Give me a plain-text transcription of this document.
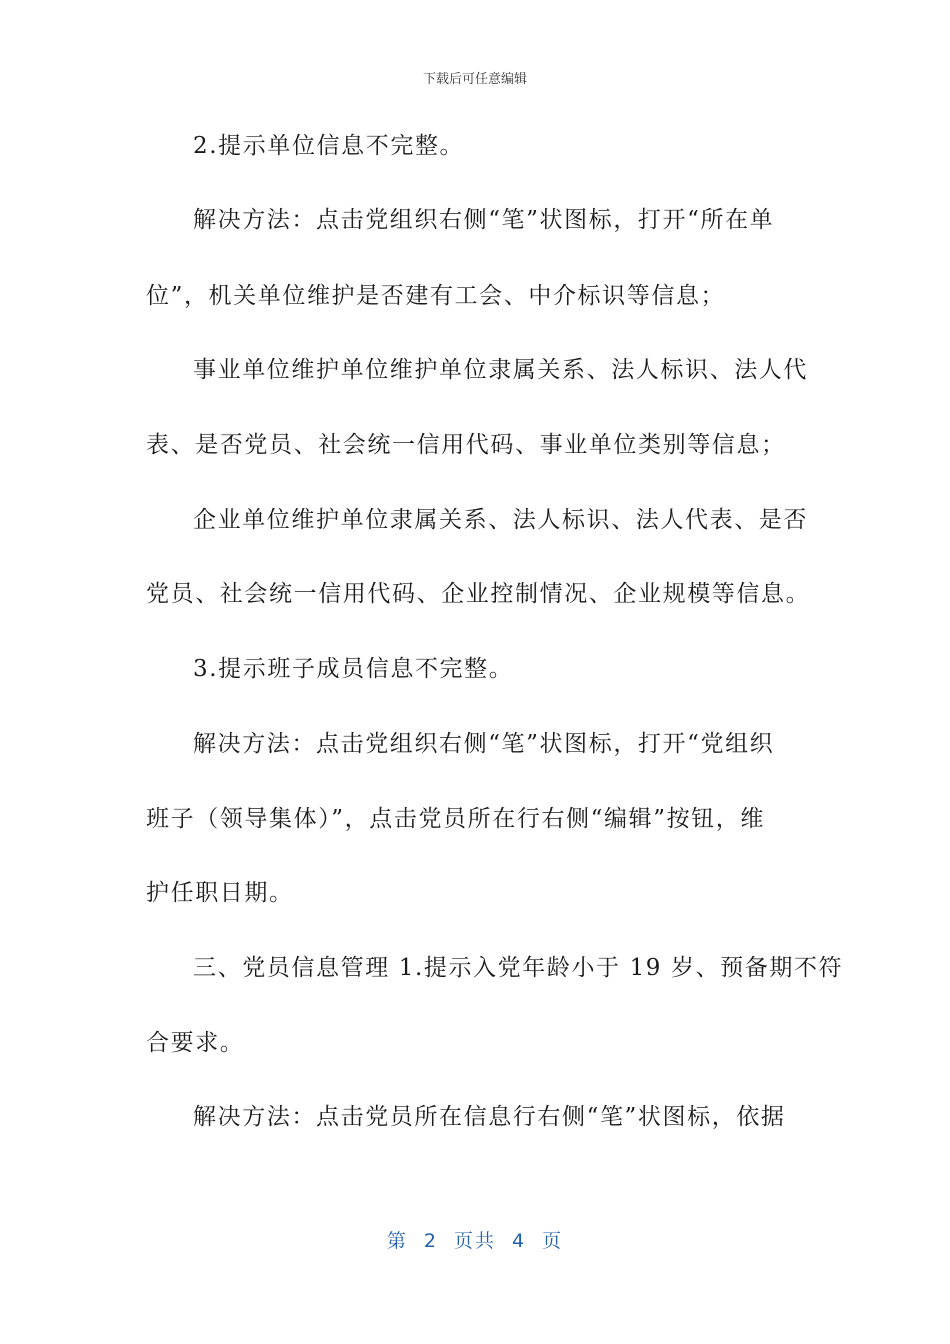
下载后可任意编辑
2.提示单位信息不完整。
解决方法：点击党组织右侧“笔”状图标，打开“所在单
位”，机关单位维护是否建有工会、中介标识等信息；
事业单位维护单位维护单位隶属关系、法人标识、法人代
表、是否党员、社会统一信用代码、事业单位类别等信息；
企业单位维护单位隶属关系、法人标识、法人代表、是否
党员、社会统一信用代码、企业控制情况、企业规模等信息。
3.提示班子成员信息不完整。
解决方法：点击党组织右侧“笔”状图标，打开“党组织
班子（领导集体）”，点击党员所在行右侧“编辑”按钮，维
护任职日期。
三、党员信息管理 1.提示入党年龄小于 19 岁、预备期不符
合要求。
解决方法：点击党员所在信息行右侧“笔”状图标，依据
第 2 页共 4 页
